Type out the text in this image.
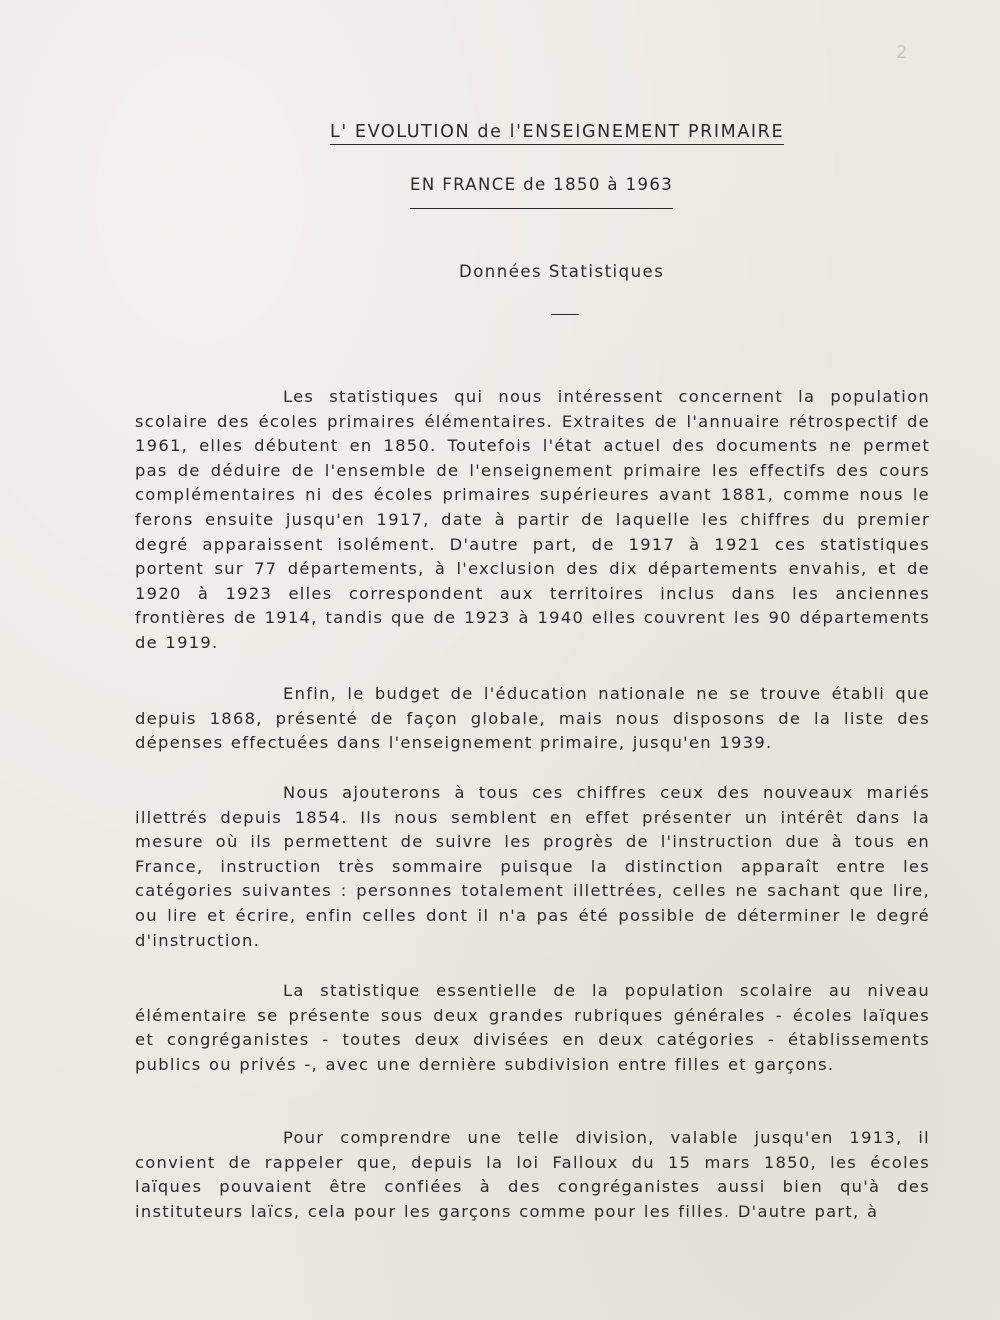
2
L' EVOLUTION de l'ENSEIGNEMENT PRIMAIRE
EN FRANCE de 1850 à 1963
Données Statistiques

Les statistiques qui nous intéressent concernent la population scolaire des écoles primaires élémentaires. Extraites de l'annuaire rétrospectif de 1961, elles débutent en 1850. Toutefois l'état actuel des documents ne permet pas de déduire de l'ensemble de l'enseignement primaire les effectifs des cours complémentaires ni des écoles primaires supérieures avant 1881, comme nous le ferons ensuite jusqu'en 1917, date à partir de laquelle les chiffres du premier degré apparaissent isolément. D'autre part, de 1917 à 1921 ces statistiques portent sur 77 départements, à l'exclusion des dix départements envahis, et de 1920 à 1923 elles correspondent aux territoires inclus dans les anciennes frontières de 1914, tandis que de 1923 à 1940 elles couvrent les 90 départements de 1919.

Enfin, le budget de l'éducation nationale ne se trouve établi que depuis 1868, présenté de façon globale, mais nous disposons de la liste des dépenses effectuées dans l'enseignement primaire, jusqu'en 1939.

Nous ajouterons à tous ces chiffres ceux des nouveaux mariés illettrés depuis 1854. Ils nous semblent en effet présenter un intérêt dans la mesure où ils permettent de suivre les progrès de l'instruction due à tous en France, instruction très sommaire puisque la distinction apparaît entre les catégories suivantes : personnes totalement illettrées, celles ne sachant que lire, ou lire et écrire, enfin celles dont il n'a pas été possible de déterminer le degré d'instruction.

La statistique essentielle de la population scolaire au niveau élémentaire se présente sous deux grandes rubriques générales - écoles laïques et congréganistes - toutes deux divisées en deux catégories - établissements publics ou privés -, avec une dernière subdivision entre filles et garçons.

Pour comprendre une telle division, valable jusqu'en 1913, il convient de rappeler que, depuis la loi Falloux du 15 mars 1850, les écoles laïques pouvaient être confiées à des congréganistes aussi bien qu'à des instituteurs laïcs, cela pour les garçons comme pour les filles. D'autre part, à
